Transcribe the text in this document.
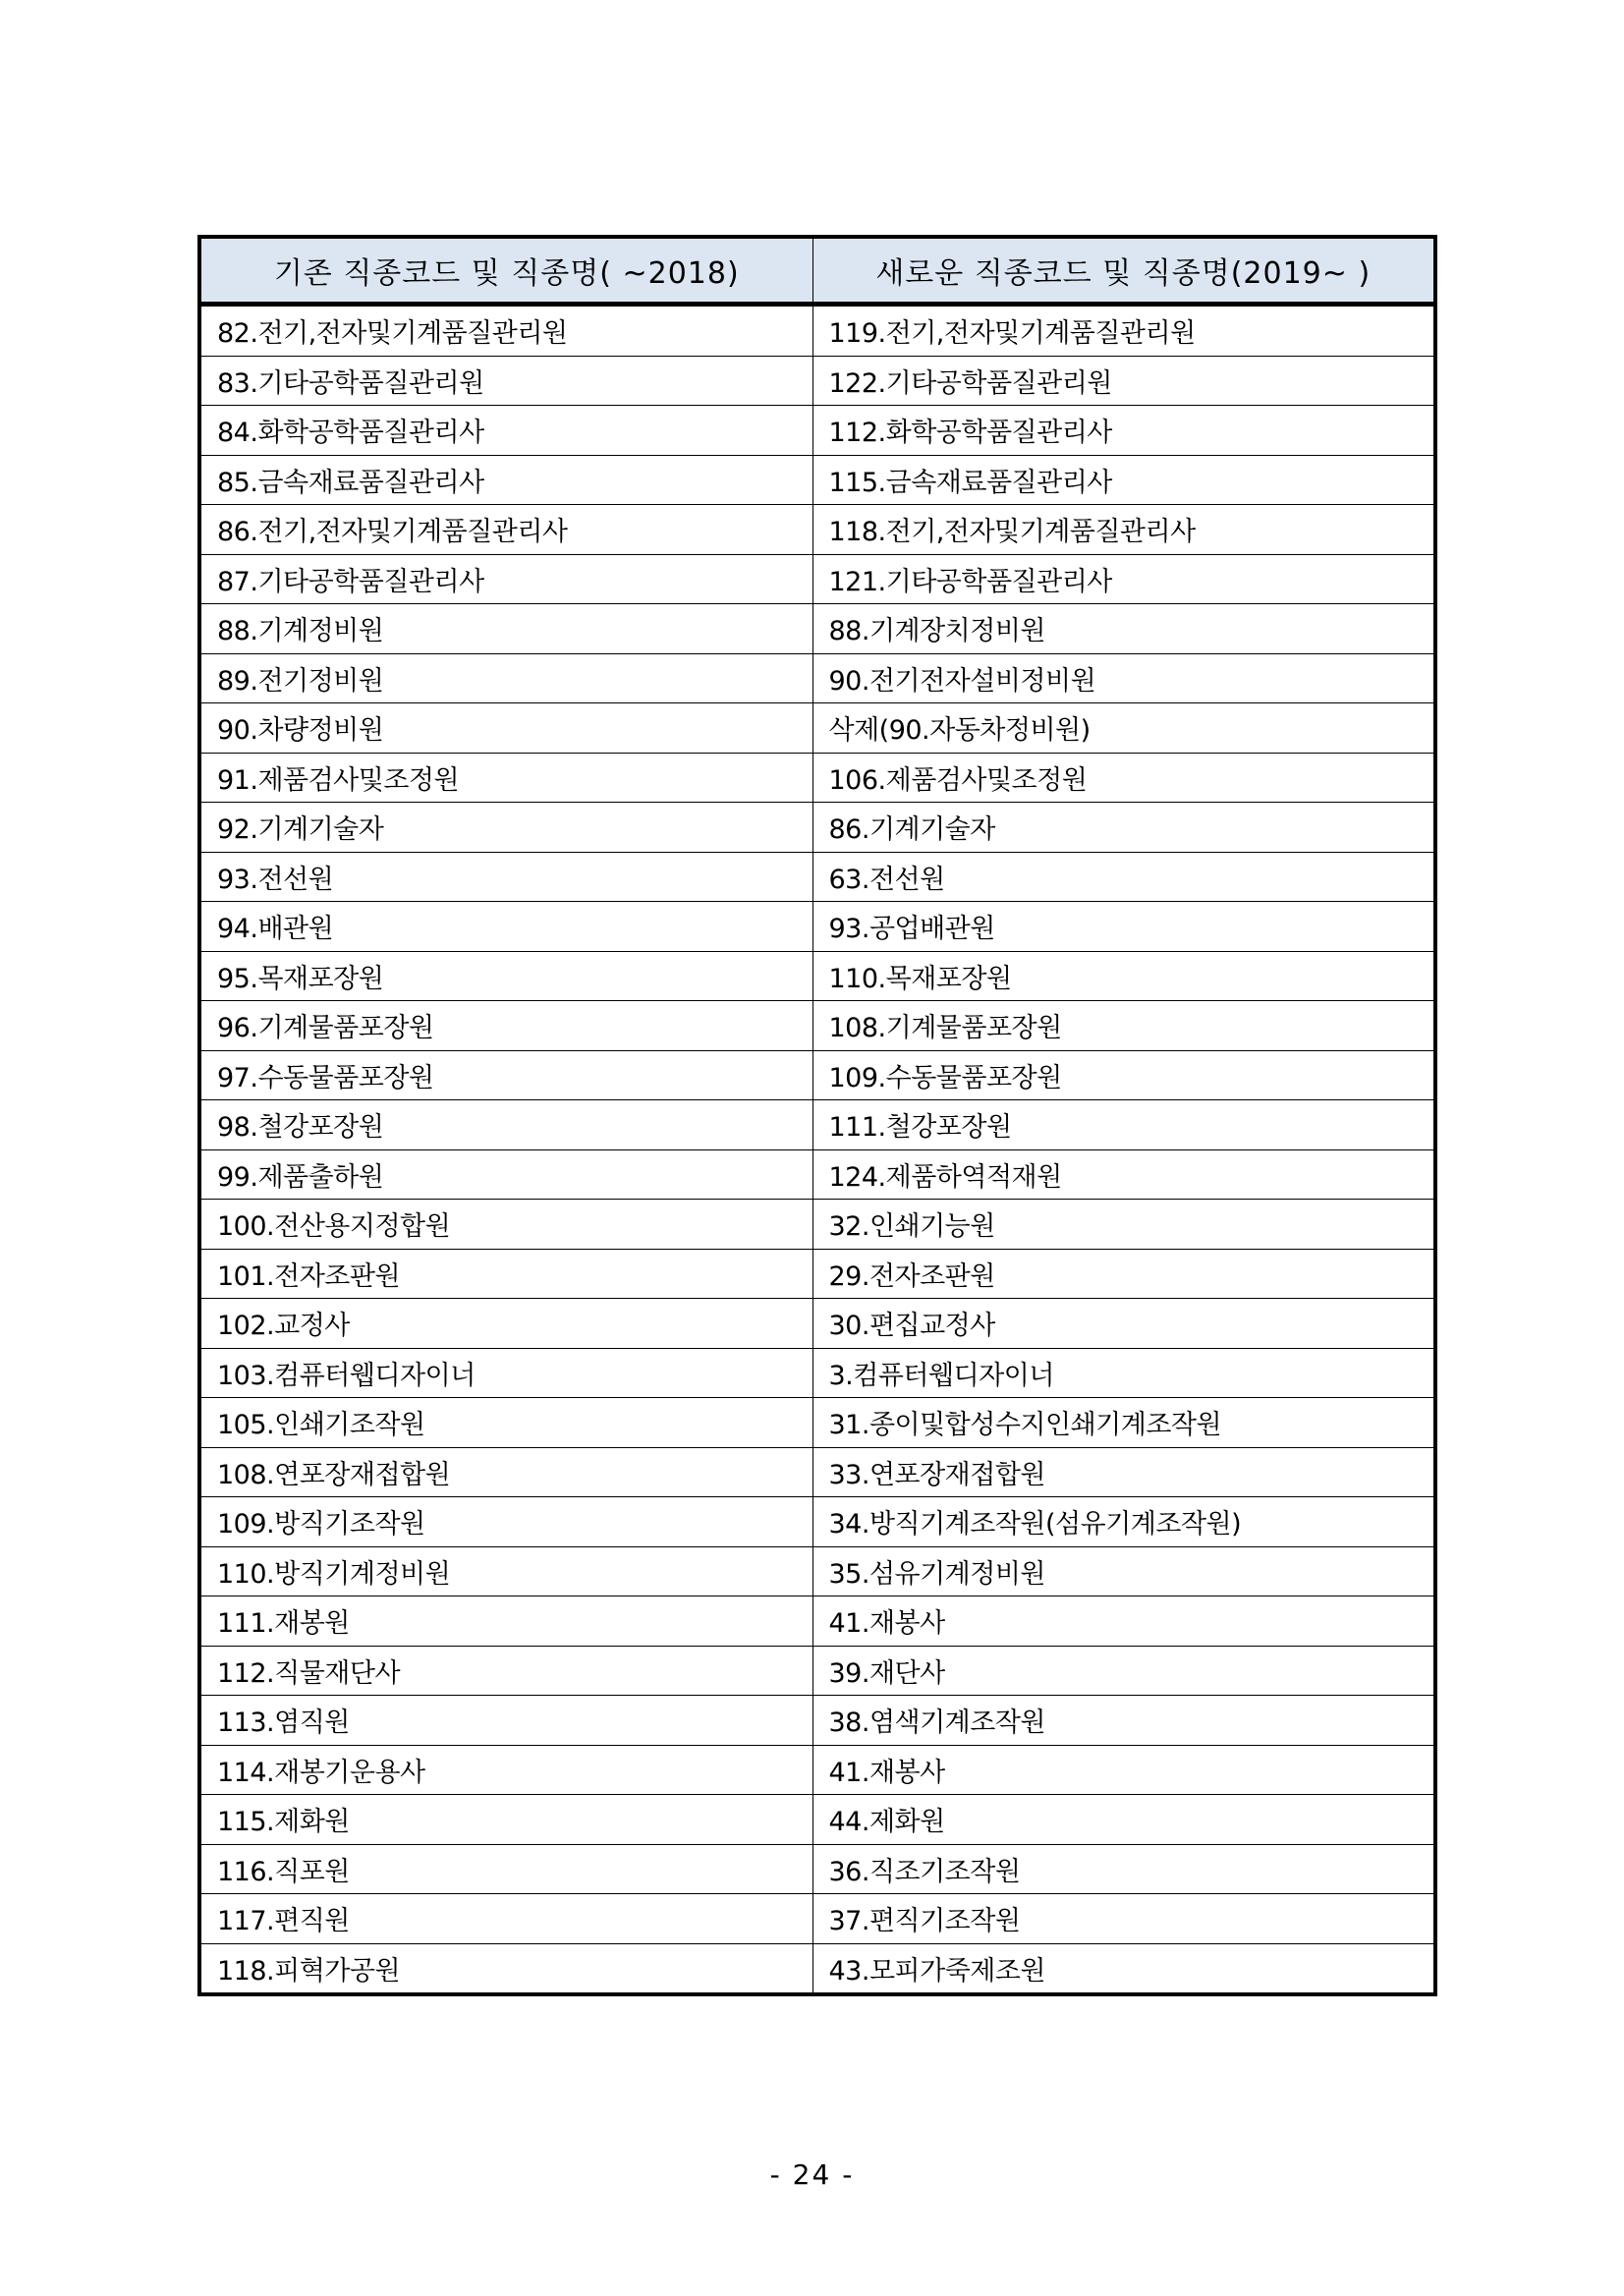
기존 직종코드 및 직종명( ~2018)	새로운 직종코드 및 직종명(2019~ )
82.전기,전자및기계품질관리원	119.전기,전자및기계품질관리원
83.기타공학품질관리원	122.기타공학품질관리원
84.화학공학품질관리사	112.화학공학품질관리사
85.금속재료품질관리사	115.금속재료품질관리사
86.전기,전자및기계품질관리사	118.전기,전자및기계품질관리사
87.기타공학품질관리사	121.기타공학품질관리사
88.기계정비원	88.기계장치정비원
89.전기정비원	90.전기전자설비정비원
90.차량정비원	삭제(90.자동차정비원)
91.제품검사및조정원	106.제품검사및조정원
92.기계기술자	86.기계기술자
93.전선원	63.전선원
94.배관원	93.공업배관원
95.목재포장원	110.목재포장원
96.기계물품포장원	108.기계물품포장원
97.수동물품포장원	109.수동물품포장원
98.철강포장원	111.철강포장원
99.제품출하원	124.제품하역적재원
100.전산용지정합원	32.인쇄기능원
101.전자조판원	29.전자조판원
102.교정사	30.편집교정사
103.컴퓨터웹디자이너	3.컴퓨터웹디자이너
105.인쇄기조작원	31.종이및합성수지인쇄기계조작원
108.연포장재접합원	33.연포장재접합원
109.방직기조작원	34.방직기계조작원(섬유기계조작원)
110.방직기계정비원	35.섬유기계정비원
111.재봉원	41.재봉사
112.직물재단사	39.재단사
113.염직원	38.염색기계조작원
114.재봉기운용사	41.재봉사
115.제화원	44.제화원
116.직포원	36.직조기조작원
117.편직원	37.편직기조작원
118.피혁가공원	43.모피가죽제조원
- 24 -
